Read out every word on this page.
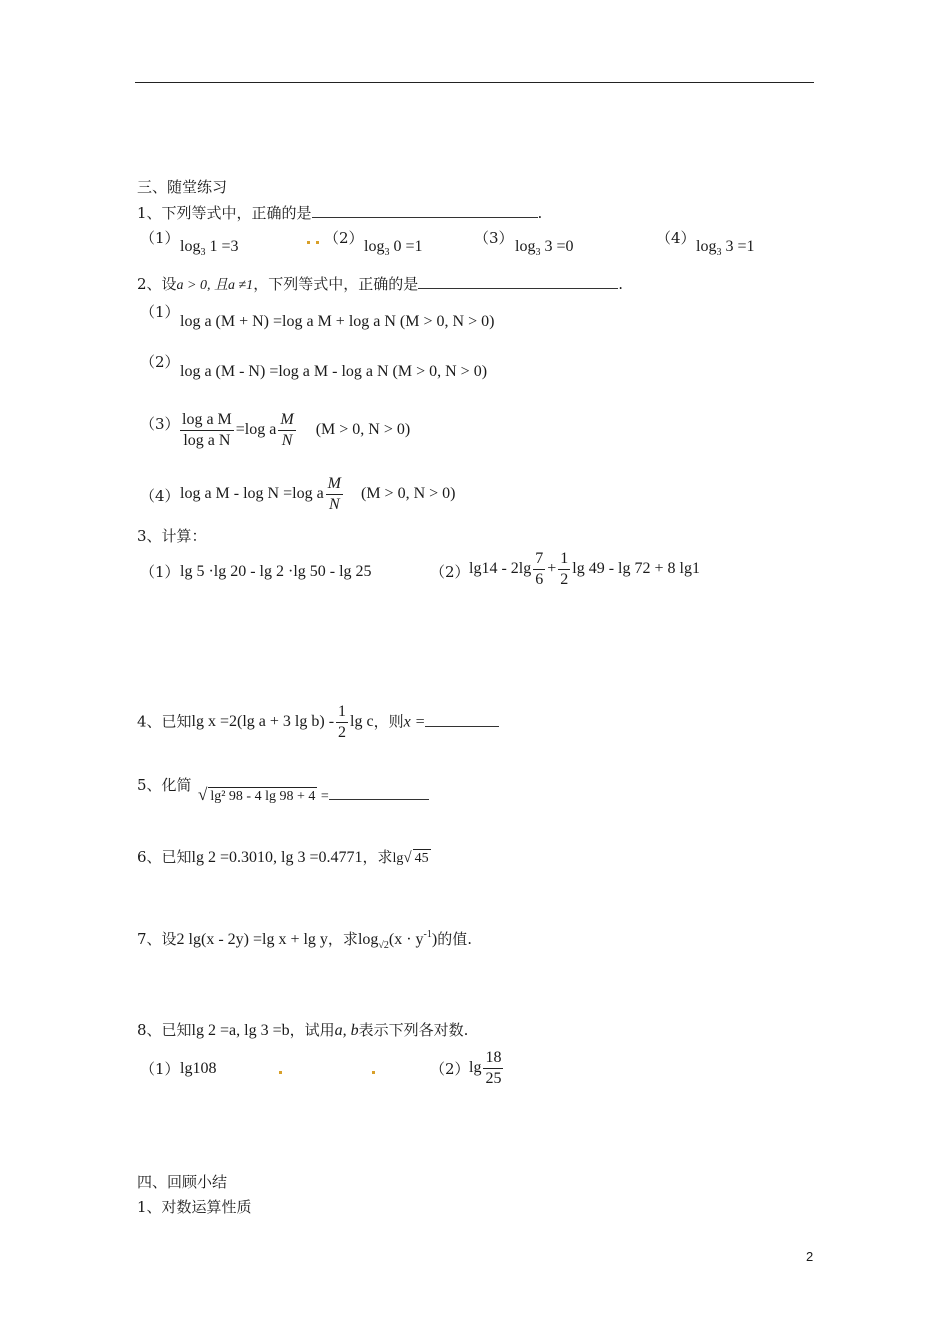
三、随堂练习
1、下列等式中，正确的是	.
（1） $\log_3 1 =3$	（2） $\log_3 0 =1$	（3） $\log_3 3 =0$	（4） $\log_3 3 =1$
2、设a > 0, 且a ≠1，下列等式中，正确的是	.
（1）
log a (M + N) =log a M + log a N (M > 0, N > 0)
（2）
log a (M - N) =log a M - log a N (M > 0, N > 0)
$(3) \frac{\text{log a M}}{\text{log a N}} =\log$ a $\frac{M}{N} (M > 0$, N > 0)
（4） log a M - log N =log a $\frac{M}{N} (M > 0$, N > 0)
3、计算：
（1） lg 5 ·lg 20 - lg 2 ·lg 50 - lg 25	（2） $\lg 14 - 2\lg \frac{7}{6} + \frac{1}{2}$ lg 49 - lg 72 + 8 lg1
4、已知lg x =2(lg a + 3 $\lg b) - \frac{1}{2}$ lg c，则x =
5、化简 √ lg² 98 - 4 lg 98 + 4 =
6、已知lg 2 =0.3010, lg 3 =0.4771，求lg√ 45
7、设2 lg(x - 2y) =lg x + lg y，求$\log_{√2}(x \cdot y^{-1})$的值.
8、已知lg 2 =a, lg 3 =b，试用a, b表示下列各对数.
（1） lg108	（2） $\lg \frac{18}{25}$
四、回顾小结
1、对数运算性质
2
